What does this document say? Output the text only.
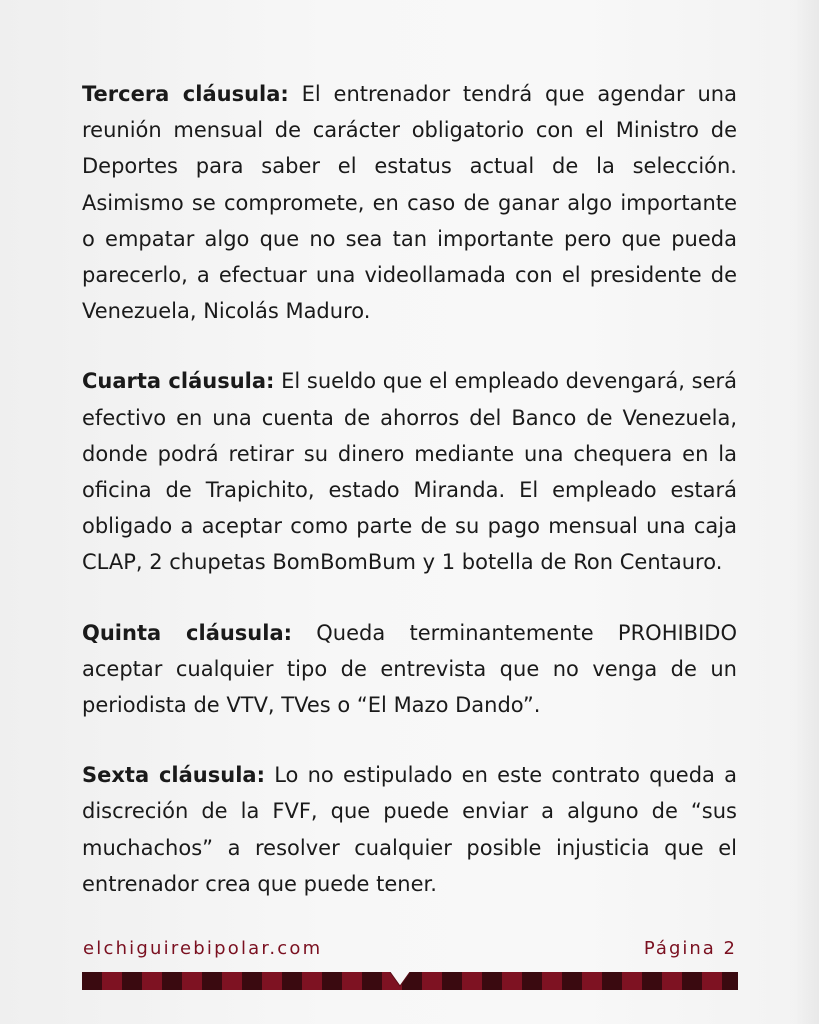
Tercera cláusula: El entrenador tendrá que agendar una reunión mensual de carácter obligatorio con el Ministro de Deportes para saber el estatus actual de la selección. Asimismo se compromete, en caso de ganar algo importante o empatar algo que no sea tan importante pero que pueda parecerlo, a efectuar una videollamada con el presidente de Venezuela, Nicolás Maduro.

Cuarta cláusula: El sueldo que el empleado devengará, será efectivo en una cuenta de ahorros del Banco de Venezuela, donde podrá retirar su dinero mediante una chequera en la oficina de Trapichito, estado Miranda. El empleado estará obligado a aceptar como parte de su pago mensual una caja CLAP, 2 chupetas BomBomBum y 1 botella de Ron Centauro.

Quinta cláusula: Queda terminantemente PROHIBIDO aceptar cualquier tipo de entrevista que no venga de un periodista de VTV, TVes o “El Mazo Dando”.

Sexta cláusula: Lo no estipulado en este contrato queda a discreción de la FVF, que puede enviar a alguno de “sus muchachos” a resolver cualquier posible injusticia que el entrenador crea que puede tener.

elchiguirebipolar.com	Página 2
